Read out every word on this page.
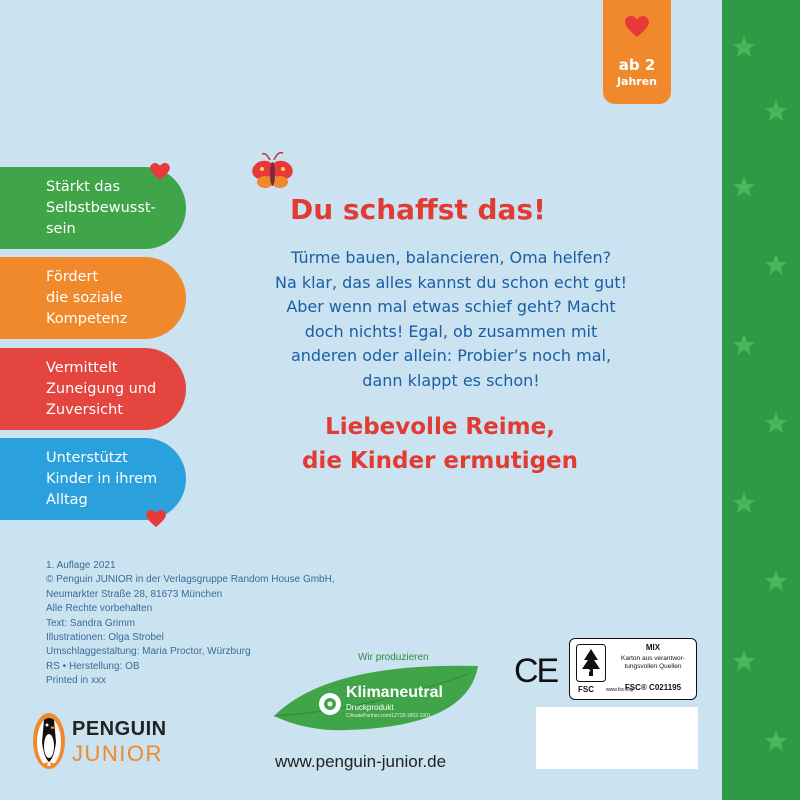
ab 2
Jahren
Stärkt das
Selbstbewusst-
sein
Fördert
die soziale
Kompetenz
Vermittelt
Zuneigung und
Zuversicht
Unterstützt
Kinder in ihrem
Alltag
Du schaffst das!

Türme bauen, balancieren, Oma helfen?
Na klar, das alles kannst du schon echt gut!
Aber wenn mal etwas schief geht? Macht
doch nichts! Egal, ob zusammen mit
anderen oder allein: Probier’s noch mal,
dann klappt es schon!

Liebevolle Reime,
die Kinder ermutigen

1. Auflage 2021
© Penguin JUNIOR in der Verlagsgruppe Random House GmbH,
Neumarkter Straße 28, 81673 München
Alle Rechte vorbehalten
Text: Sandra Grimm
Illustrationen: Olga Strobel
Umschlaggestaltung: Maria Proctor, Würzburg
RS • Herstellung: OB
Printed in xxx
PENGUIN
JUNIOR
Wir produzieren
Klimaneutral
Druckprodukt
ClimatePartner.com/12719-1802-1001
www.penguin-junior.de
CE	FSC www.fsc.org
MIX
Karton aus verantwor-
tungsvollen Quellen
FSC® C021195
